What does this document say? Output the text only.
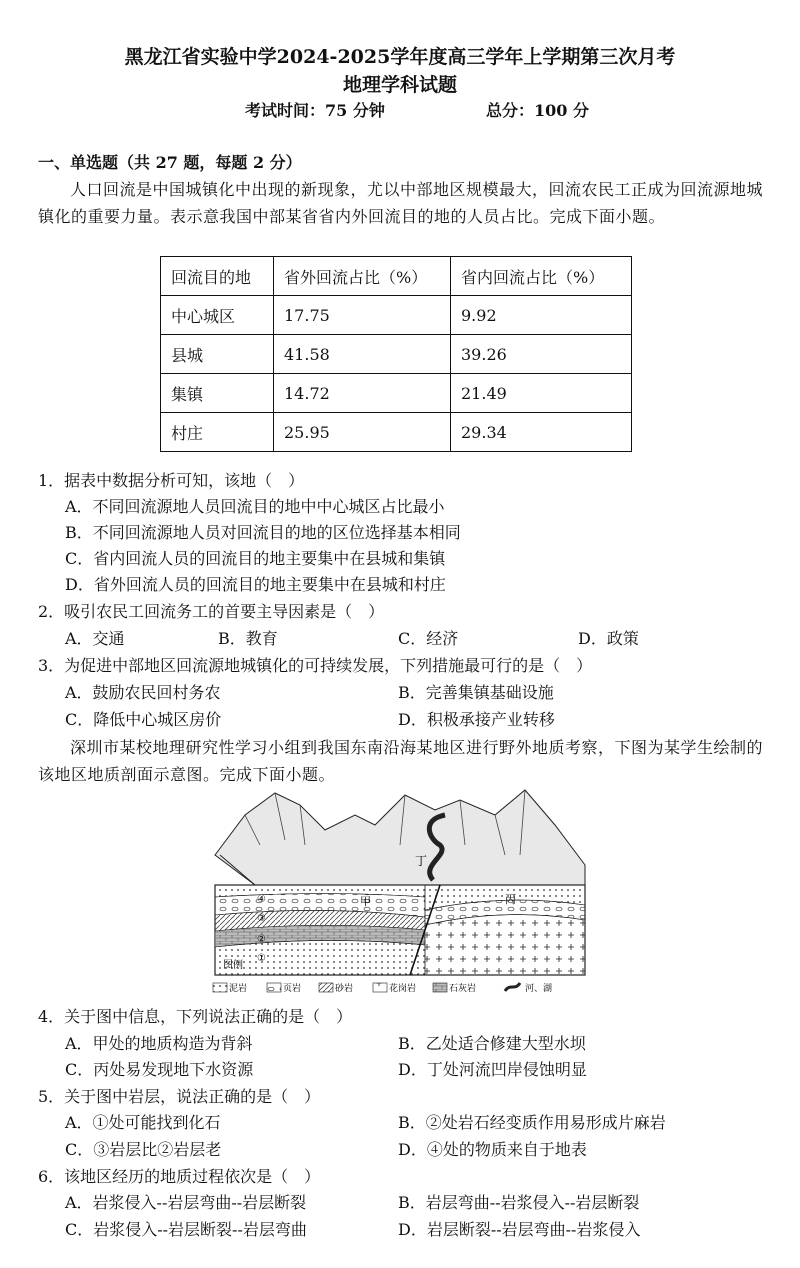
黑龙江省实验中学2024-2025学年度高三学年上学期第三次月考
地理学科试题
考试时间：75 分钟	总分：100 分
一、单选题（共 27 题，每题 2 分）
人口回流是中国城镇化中出现的新现象，尤以中部地区规模最大，回流农民工正成为回流源地城镇化的重要力量。表示意我国中部某省省内外回流目的地的人员占比。完成下面小题。
回流目的地	省外回流占比（%）	省内回流占比（%）
中心城区	17.75	9.92
县城	41.58	39.26
集镇	14.72	21.49
村庄	25.95	29.34
1．据表中数据分析可知，该地（　）
A．不同回流源地人员回流目的地中中心城区占比最小
B．不同回流源地人员对回流目的地的区位选择基本相同
C．省内回流人员的回流目的地主要集中在县城和集镇
D．省外回流人员的回流目的地主要集中在县城和村庄
2．吸引农民工回流务工的首要主导因素是（　）
A．交通	B．教育	C．经济	D．政策
3．为促进中部地区回流源地城镇化的可持续发展，下列措施最可行的是（　）
A．鼓励农民回村务农	B．完善集镇基础设施
C．降低中心城区房价	D．积极承接产业转移
深圳市某校地理研究性学习小组到我国东南沿海某地区进行野外地质考察，下图为某学生绘制的该地区地质剖面示意图。完成下面小题。
丁
甲	丙
④
③
②
①
图例
泥岩	页岩	砂岩	花岗岩	石灰岩	河、湖
4．关于图中信息，下列说法正确的是（　）
A．甲处的地质构造为背斜	B．乙处适合修建大型水坝
C．丙处易发现地下水资源	D．丁处河流凹岸侵蚀明显
5．关于图中岩层，说法正确的是（　）
A．①处可能找到化石	B．②处岩石经变质作用易形成片麻岩
C．③岩层比②岩层老	D．④处的物质来自于地表
6．该地区经历的地质过程依次是（　）
A．岩浆侵入--岩层弯曲--岩层断裂	B．岩层弯曲--岩浆侵入--岩层断裂
C．岩浆侵入--岩层断裂--岩层弯曲	D．岩层断裂--岩层弯曲--岩浆侵入
